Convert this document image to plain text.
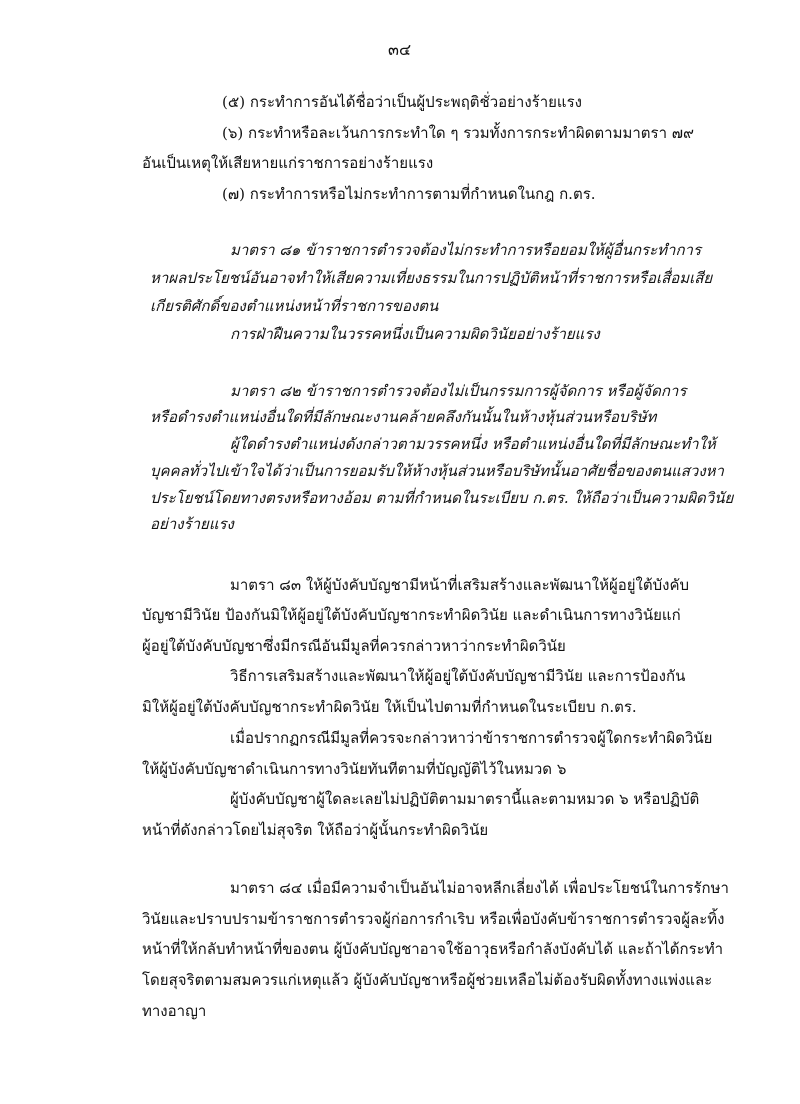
๓๔
(๕) กระทำการอันได้ชื่อว่าเป็นผู้ประพฤติชั่วอย่างร้ายแรง
(๖) กระทำหรือละเว้นการกระทำใด ๆ รวมทั้งการกระทำผิดตามมาตรา ๗๙
อันเป็นเหตุให้เสียหายแก่ราชการอย่างร้ายแรง
(๗) กระทำการหรือไม่กระทำการตามที่กำหนดในกฎ ก.ตร.
มาตรา ๘๑ ข้าราชการตำรวจต้องไม่กระทำการหรือยอมให้ผู้อื่นกระทำการ
หาผลประโยชน์อันอาจทำให้เสียความเที่ยงธรรมในการปฏิบัติหน้าที่ราชการหรือเสื่อมเสีย
เกียรติศักดิ์ของตำแหน่งหน้าที่ราชการของตน
การฝ่าฝืนความในวรรคหนึ่งเป็นความผิดวินัยอย่างร้ายแรง
มาตรา ๘๒ ข้าราชการตำรวจต้องไม่เป็นกรรมการผู้จัดการ หรือผู้จัดการ
หรือดำรงตำแหน่งอื่นใดที่มีลักษณะงานคล้ายคลึงกันนั้นในห้างหุ้นส่วนหรือบริษัท
ผู้ใดดำรงตำแหน่งดังกล่าวตามวรรคหนึ่ง หรือตำแหน่งอื่นใดที่มีลักษณะทำให้
บุคคลทั่วไปเข้าใจได้ว่าเป็นการยอมรับให้ห้างหุ้นส่วนหรือบริษัทนั้นอาศัยชื่อของตนแสวงหา
ประโยชน์โดยทางตรงหรือทางอ้อม ตามที่กำหนดในระเบียบ ก.ตร. ให้ถือว่าเป็นความผิดวินัย
อย่างร้ายแรง
มาตรา ๘๓ ให้ผู้บังคับบัญชามีหน้าที่เสริมสร้างและพัฒนาให้ผู้อยู่ใต้บังคับ
บัญชามีวินัย ป้องกันมิให้ผู้อยู่ใต้บังคับบัญชากระทำผิดวินัย และดำเนินการทางวินัยแก่
ผู้อยู่ใต้บังคับบัญชาซึ่งมีกรณีอันมีมูลที่ควรกล่าวหาว่ากระทำผิดวินัย
วิธีการเสริมสร้างและพัฒนาให้ผู้อยู่ใต้บังคับบัญชามีวินัย และการป้องกัน
มิให้ผู้อยู่ใต้บังคับบัญชากระทำผิดวินัย ให้เป็นไปตามที่กำหนดในระเบียบ ก.ตร.
เมื่อปรากฏกรณีมีมูลที่ควรจะกล่าวหาว่าข้าราชการตำรวจผู้ใดกระทำผิดวินัย
ให้ผู้บังคับบัญชาดำเนินการทางวินัยทันทีตามที่บัญญัติไว้ในหมวด ๖
ผู้บังคับบัญชาผู้ใดละเลยไม่ปฏิบัติตามมาตรานี้และตามหมวด ๖ หรือปฏิบัติ
หน้าที่ดังกล่าวโดยไม่สุจริต ให้ถือว่าผู้นั้นกระทำผิดวินัย
มาตรา ๘๔ เมื่อมีความจำเป็นอันไม่อาจหลีกเลี่ยงได้ เพื่อประโยชน์ในการรักษา
วินัยและปราบปรามข้าราชการตำรวจผู้ก่อการกำเริบ หรือเพื่อบังคับข้าราชการตำรวจผู้ละทิ้ง
หน้าที่ให้กลับทำหน้าที่ของตน ผู้บังคับบัญชาอาจใช้อาวุธหรือกำลังบังคับได้ และถ้าได้กระทำ
โดยสุจริตตามสมควรแก่เหตุแล้ว ผู้บังคับบัญชาหรือผู้ช่วยเหลือไม่ต้องรับผิดทั้งทางแพ่งและ
ทางอาญา
